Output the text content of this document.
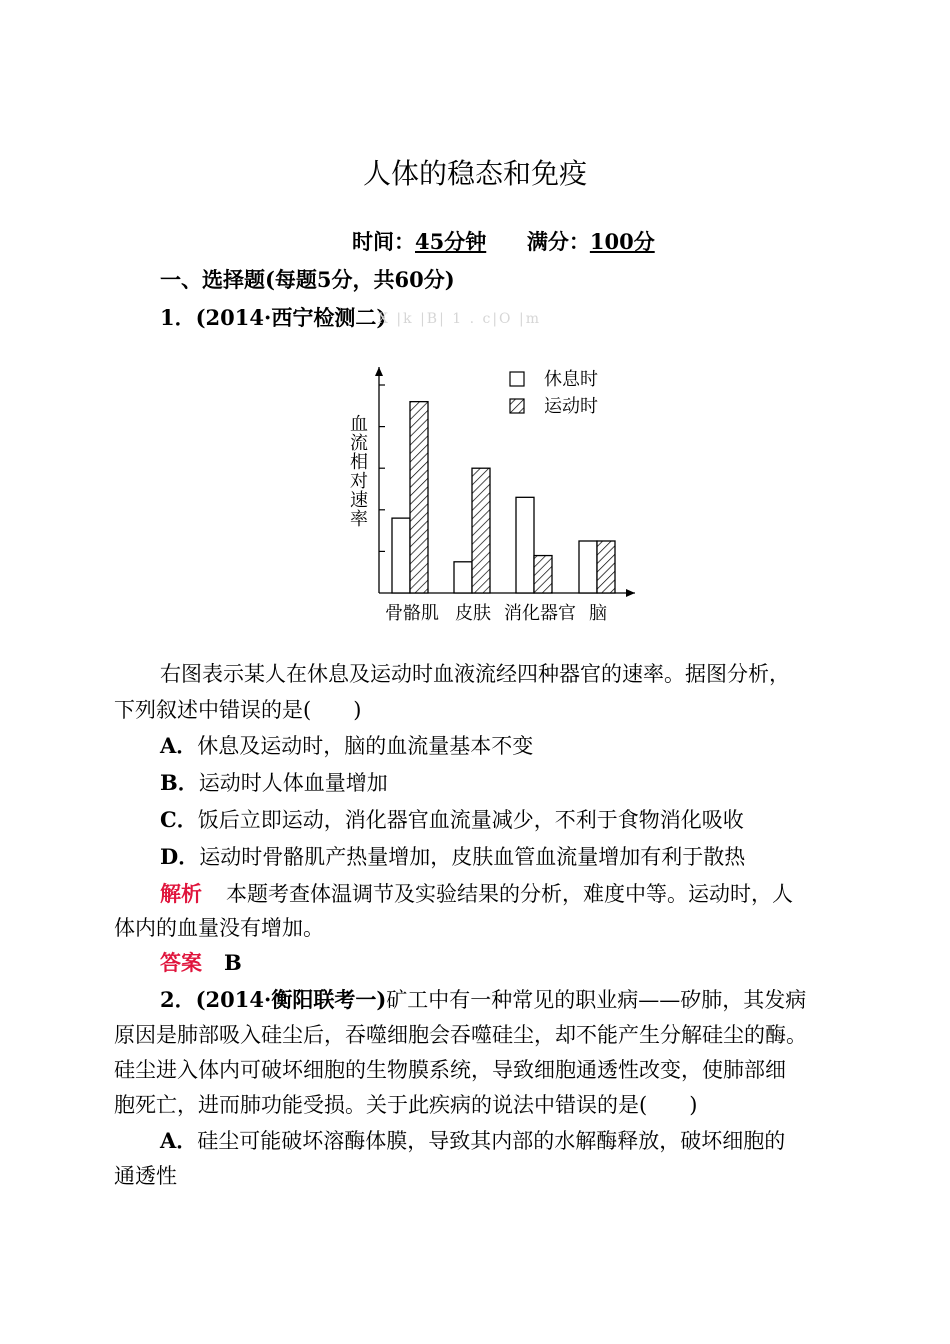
人体的稳态和免疫
时间：45分钟 满分：100分
一、选择题(每题5分，共60分)
1．(2014·西宁检测二)
X |k |B| 1 . c|O |m
血
流
相
对
速
率
骨骼肌 皮肤 消化器官 脑
休息时
运动时
右图表示某人在休息及运动时血液流经四种器官的速率。据图分析，
下列叙述中错误的是(　　)
A．休息及运动时，脑的血流量基本不变
B．运动时人体血量增加
C．饭后立即运动，消化器官血流量减少，不利于食物消化吸收
D．运动时骨骼肌产热量增加，皮肤血管血流量增加有利于散热
解析 本题考查体温调节及实验结果的分析，难度中等。运动时，人
体内的血量没有增加。
答案 B
2．(2014·衡阳联考一)矿工中有一种常见的职业病——矽肺，其发病
原因是肺部吸入硅尘后，吞噬细胞会吞噬硅尘，却不能产生分解硅尘的酶。
硅尘进入体内可破坏细胞的生物膜系统，导致细胞通透性改变，使肺部细
胞死亡，进而肺功能受损。关于此疾病的说法中错误的是(　　)
A．硅尘可能破坏溶酶体膜，导致其内部的水解酶释放，破坏细胞的
通透性
